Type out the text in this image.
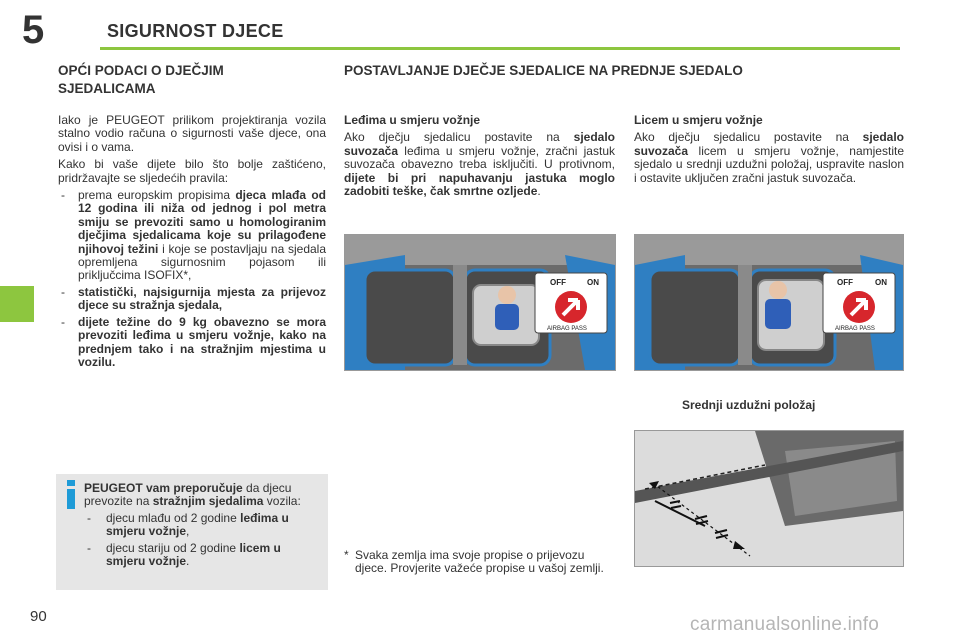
5	SIGURNOST DJECE
OPĆI PODACI O DJEČJIM
SJEDALICAMA

Iako je PEUGEOT prilikom projektiranja vozila stalno vodio računa o sigurnosti vaše djece, ona ovisi i o vama.

Kako bi vaše dijete bilo što bolje zaštićeno, pridržavajte se sljedećih pravila:

- prema europskim propisima djeca mlađa od 12 godina ili niža od jednog i pol metra smiju se prevoziti samo u homologiranim dječjima sjedalicama koje su prilagođene njihovoj težini i koje se postavljaju na sjedala opremljena sigurnosnim pojasom ili priključcima ISOFIX*,
- statistički, najsigurnija mjesta za prijevoz djece su stražnja sjedala,
- dijete težine do 9 kg obavezno se mora prevoziti leđima u smjeru vožnje, kako na prednjem tako i na stražnjim mjestima u vozilu.
PEUGEOT vam preporučuje da djecu prevozite na stražnjim sjedalima vozila:
- djecu mlađu od 2 godine leđima u smjeru vožnje,
- djecu stariju od 2 godine licem u smjeru vožnje.
POSTAVLJANJE DJEČJE SJEDALICE NA PREDNJE SJEDALO
Leđima u smjeru vožnje
Ako dječju sjedalicu postavite na sjedalo suvozača leđima u smjeru vožnje, zračni jastuk suvozača obavezno treba isključiti. U protivnom, dijete bi pri napuhavanju jastuka moglo zadobiti teške, čak smrtne ozljede.
Licem u smjeru vožnje
Ako dječju sjedalicu postavite na sjedalo suvozača licem u smjeru vožnje, namjestite sjedalo u srednji uzdužni položaj, uspravite naslon i ostavite uključen zračni jastuk suvozača.
OFF	ON
AIRBAG PASS
OFF	ON
AIRBAG PASS
Srednji uzdužni položaj
* Svaka zemlja ima svoje propise o prijevozu djece. Provjerite važeće propise u vašoj zemlji.
90	carmanualsonline.info
